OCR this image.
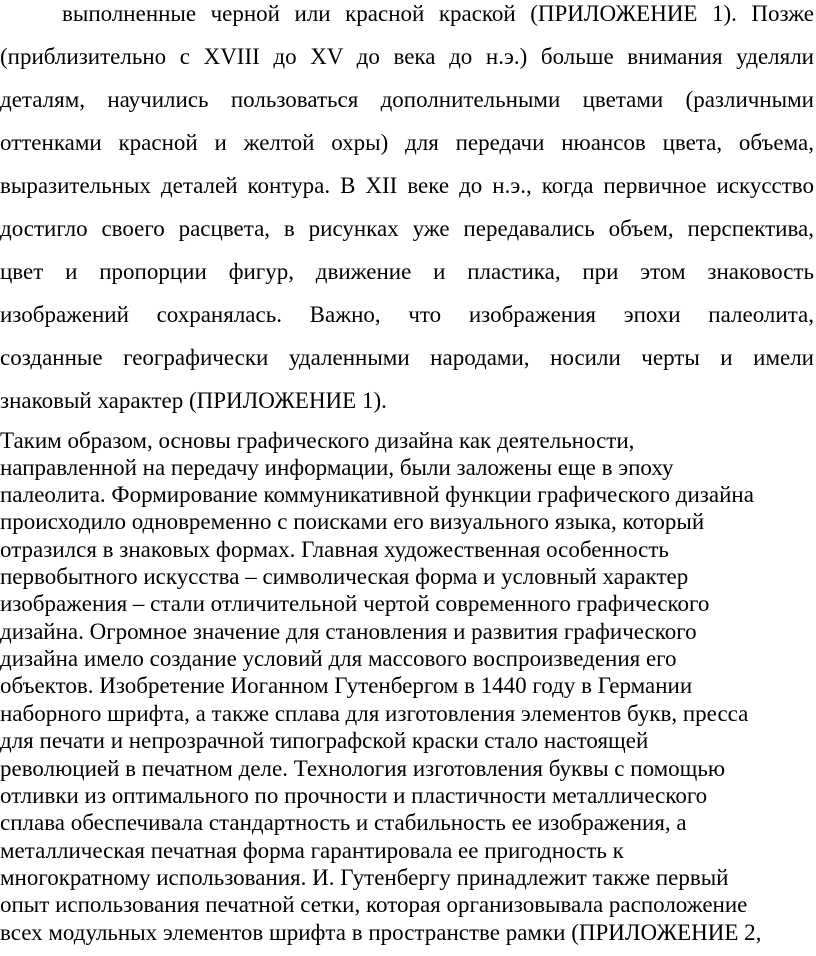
выполненные черной или красной краской (ПРИЛОЖЕНИЕ 1). Позже

(приблизительно с XVIII до XV до века до н.э.) больше внимания уделяли

деталям, научились пользоваться дополнительными цветами (различными

оттенками красной и желтой охры) для передачи нюансов цвета, объема,

выразительных деталей контура. В XII веке до н.э., когда первичное искусство

достигло своего расцвета, в рисунках уже передавались объем, перспектива,

цвет и пропорции фигур, движение и пластика, при этом знаковость

изображений сохранялась. Важно, что изображения эпохи палеолита,

созданные географически удаленными народами, носили черты и имели

знаковый характер (ПРИЛОЖЕНИЕ 1).

Таким образом, основы графического дизайна как деятельности,

направленной на передачу информации, были заложены еще в эпоху

палеолита. Формирование коммуникативной функции графического дизайна

происходило одновременно с поисками его визуального языка, который

отразился в знаковых формах. Главная художественная особенность

первобытного искусства – символическая форма и условный характер

изображения – стали отличительной чертой современного графического

дизайна. Огромное значение для становления и развития графического

дизайна имело создание условий для массового воспроизведения его

объектов. Изобретение Иоганном Гутенбергом в 1440 году в Германии

наборного шрифта, а также сплава для изготовления элементов букв, пресса

для печати и непрозрачной типографской краски стало настоящей

революцией в печатном деле. Технология изготовления буквы с помощью

отливки из оптимального по прочности и пластичности металлического

сплава обеспечивала стандартность и стабильность ее изображения, а

металлическая печатная форма гарантировала ее пригодность к

многократному использования. И. Гутенбергу принадлежит также первый

опыт использования печатной сетки, которая организовывала расположение

всех модульных элементов шрифта в пространстве рамки (ПРИЛОЖЕНИЕ 2,
